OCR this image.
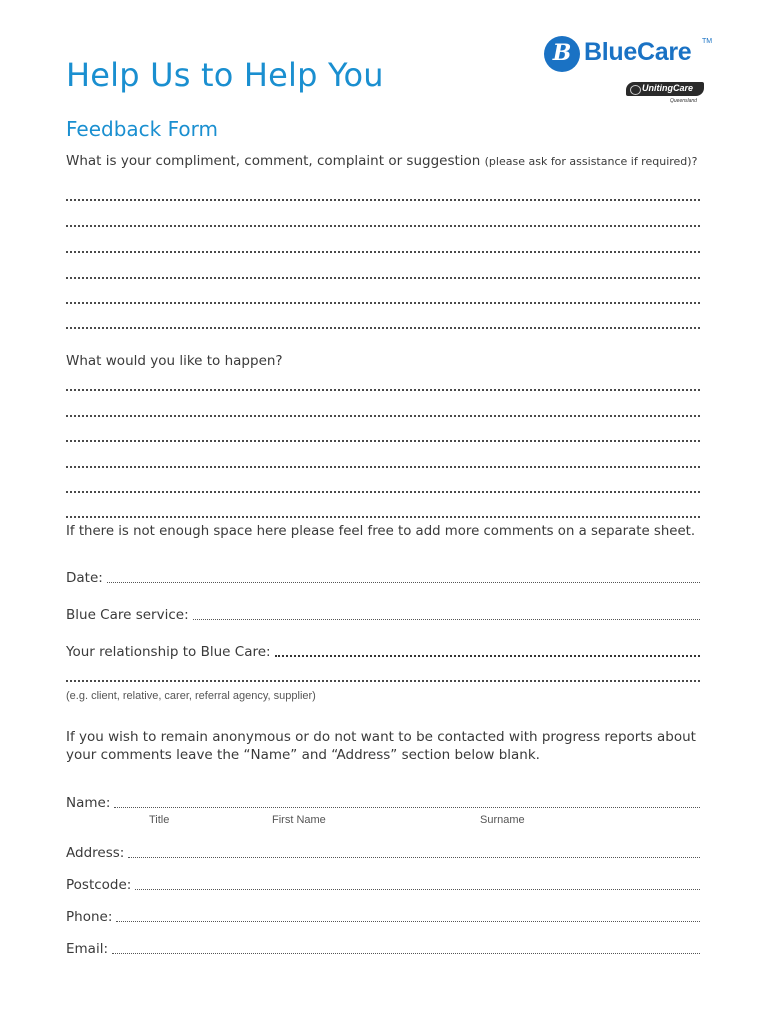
Help Us to Help You
Feedback Form
B BlueCare TM
UnitingCare
Queensland
What is your compliment, comment, complaint or suggestion (please ask for assistance if required)?
What would you like to happen?
If there is not enough space here please feel free to add more comments on a separate sheet.
Date:
Blue Care service:
Your relationship to Blue Care:
(e.g. client, relative, carer, referral agency, supplier)
If you wish to remain anonymous or do not want to be contacted with progress reports about your comments leave the “Name” and “Address” section below blank.
Name:
Title	First Name	Surname
Address:
Postcode:
Phone:
Email:
